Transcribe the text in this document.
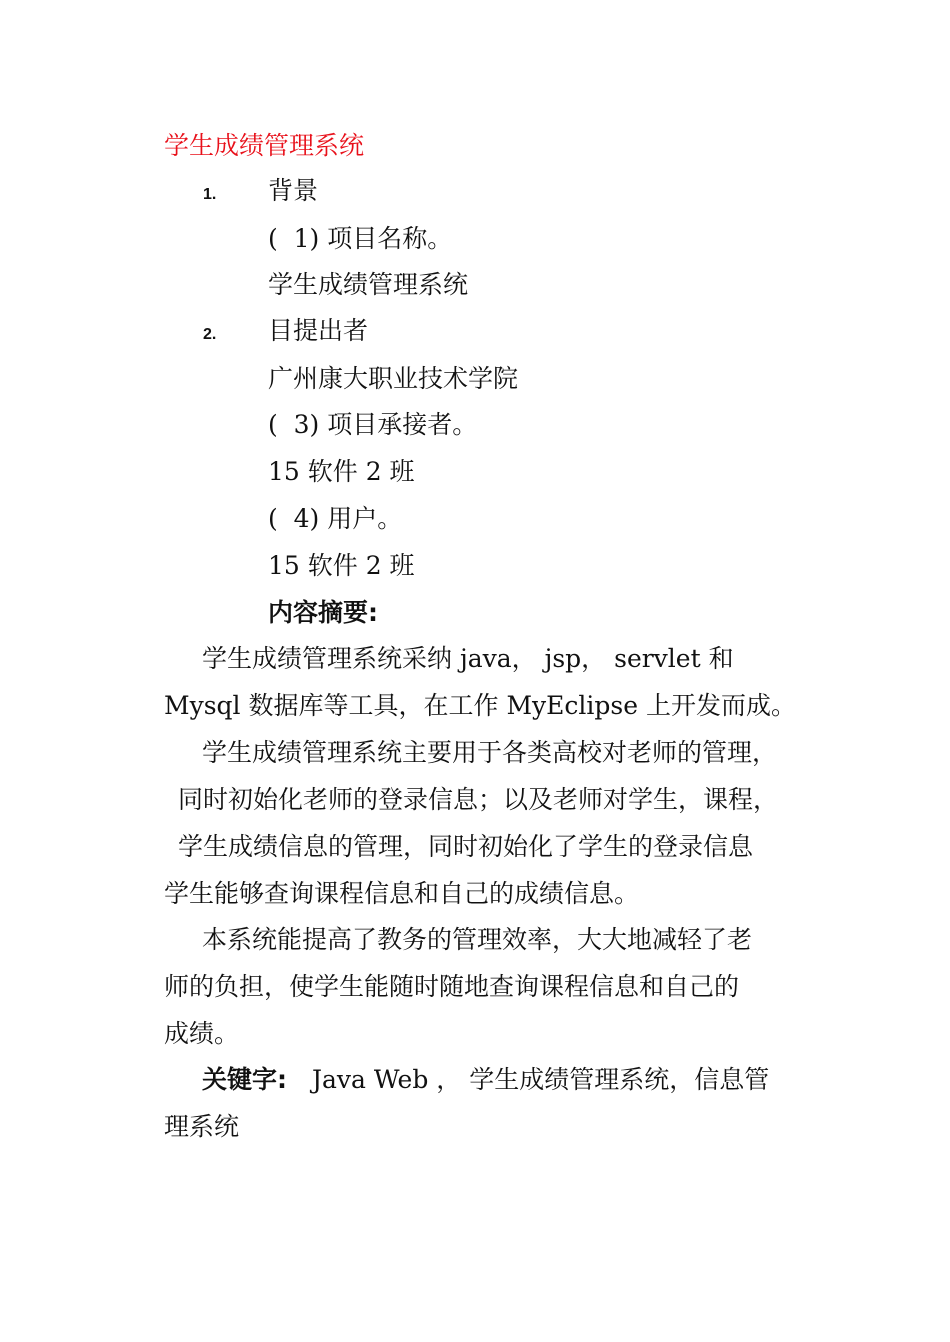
学生成绩管理系统
1. 背景
(  1) 项目名称。
学生成绩管理系统
2. 目提出者
广州康大职业技术学院
(  3) 项目承接者。
15 软件 2 班
(  4) 用户。
15 软件 2 班
内容摘要:
学生成绩管理系统采纳 java， jsp， servlet 和
Mysql 数据库等工具，在工作 MyEclipse 上开发而成。
学生成绩管理系统主要用于各类高校对老师的管理，
同时初始化老师的登录信息；以及老师对学生，课程，
学生成绩信息的管理，同时初始化了学生的登录信息
学生能够查询课程信息和自己的成绩信息。
本系统能提高了教务的管理效率，大大地减轻了老
师的负担，使学生能随时随地查询课程信息和自己的
成绩。
关键字: Java Web ， 学生成绩管理系统，信息管
理系统
